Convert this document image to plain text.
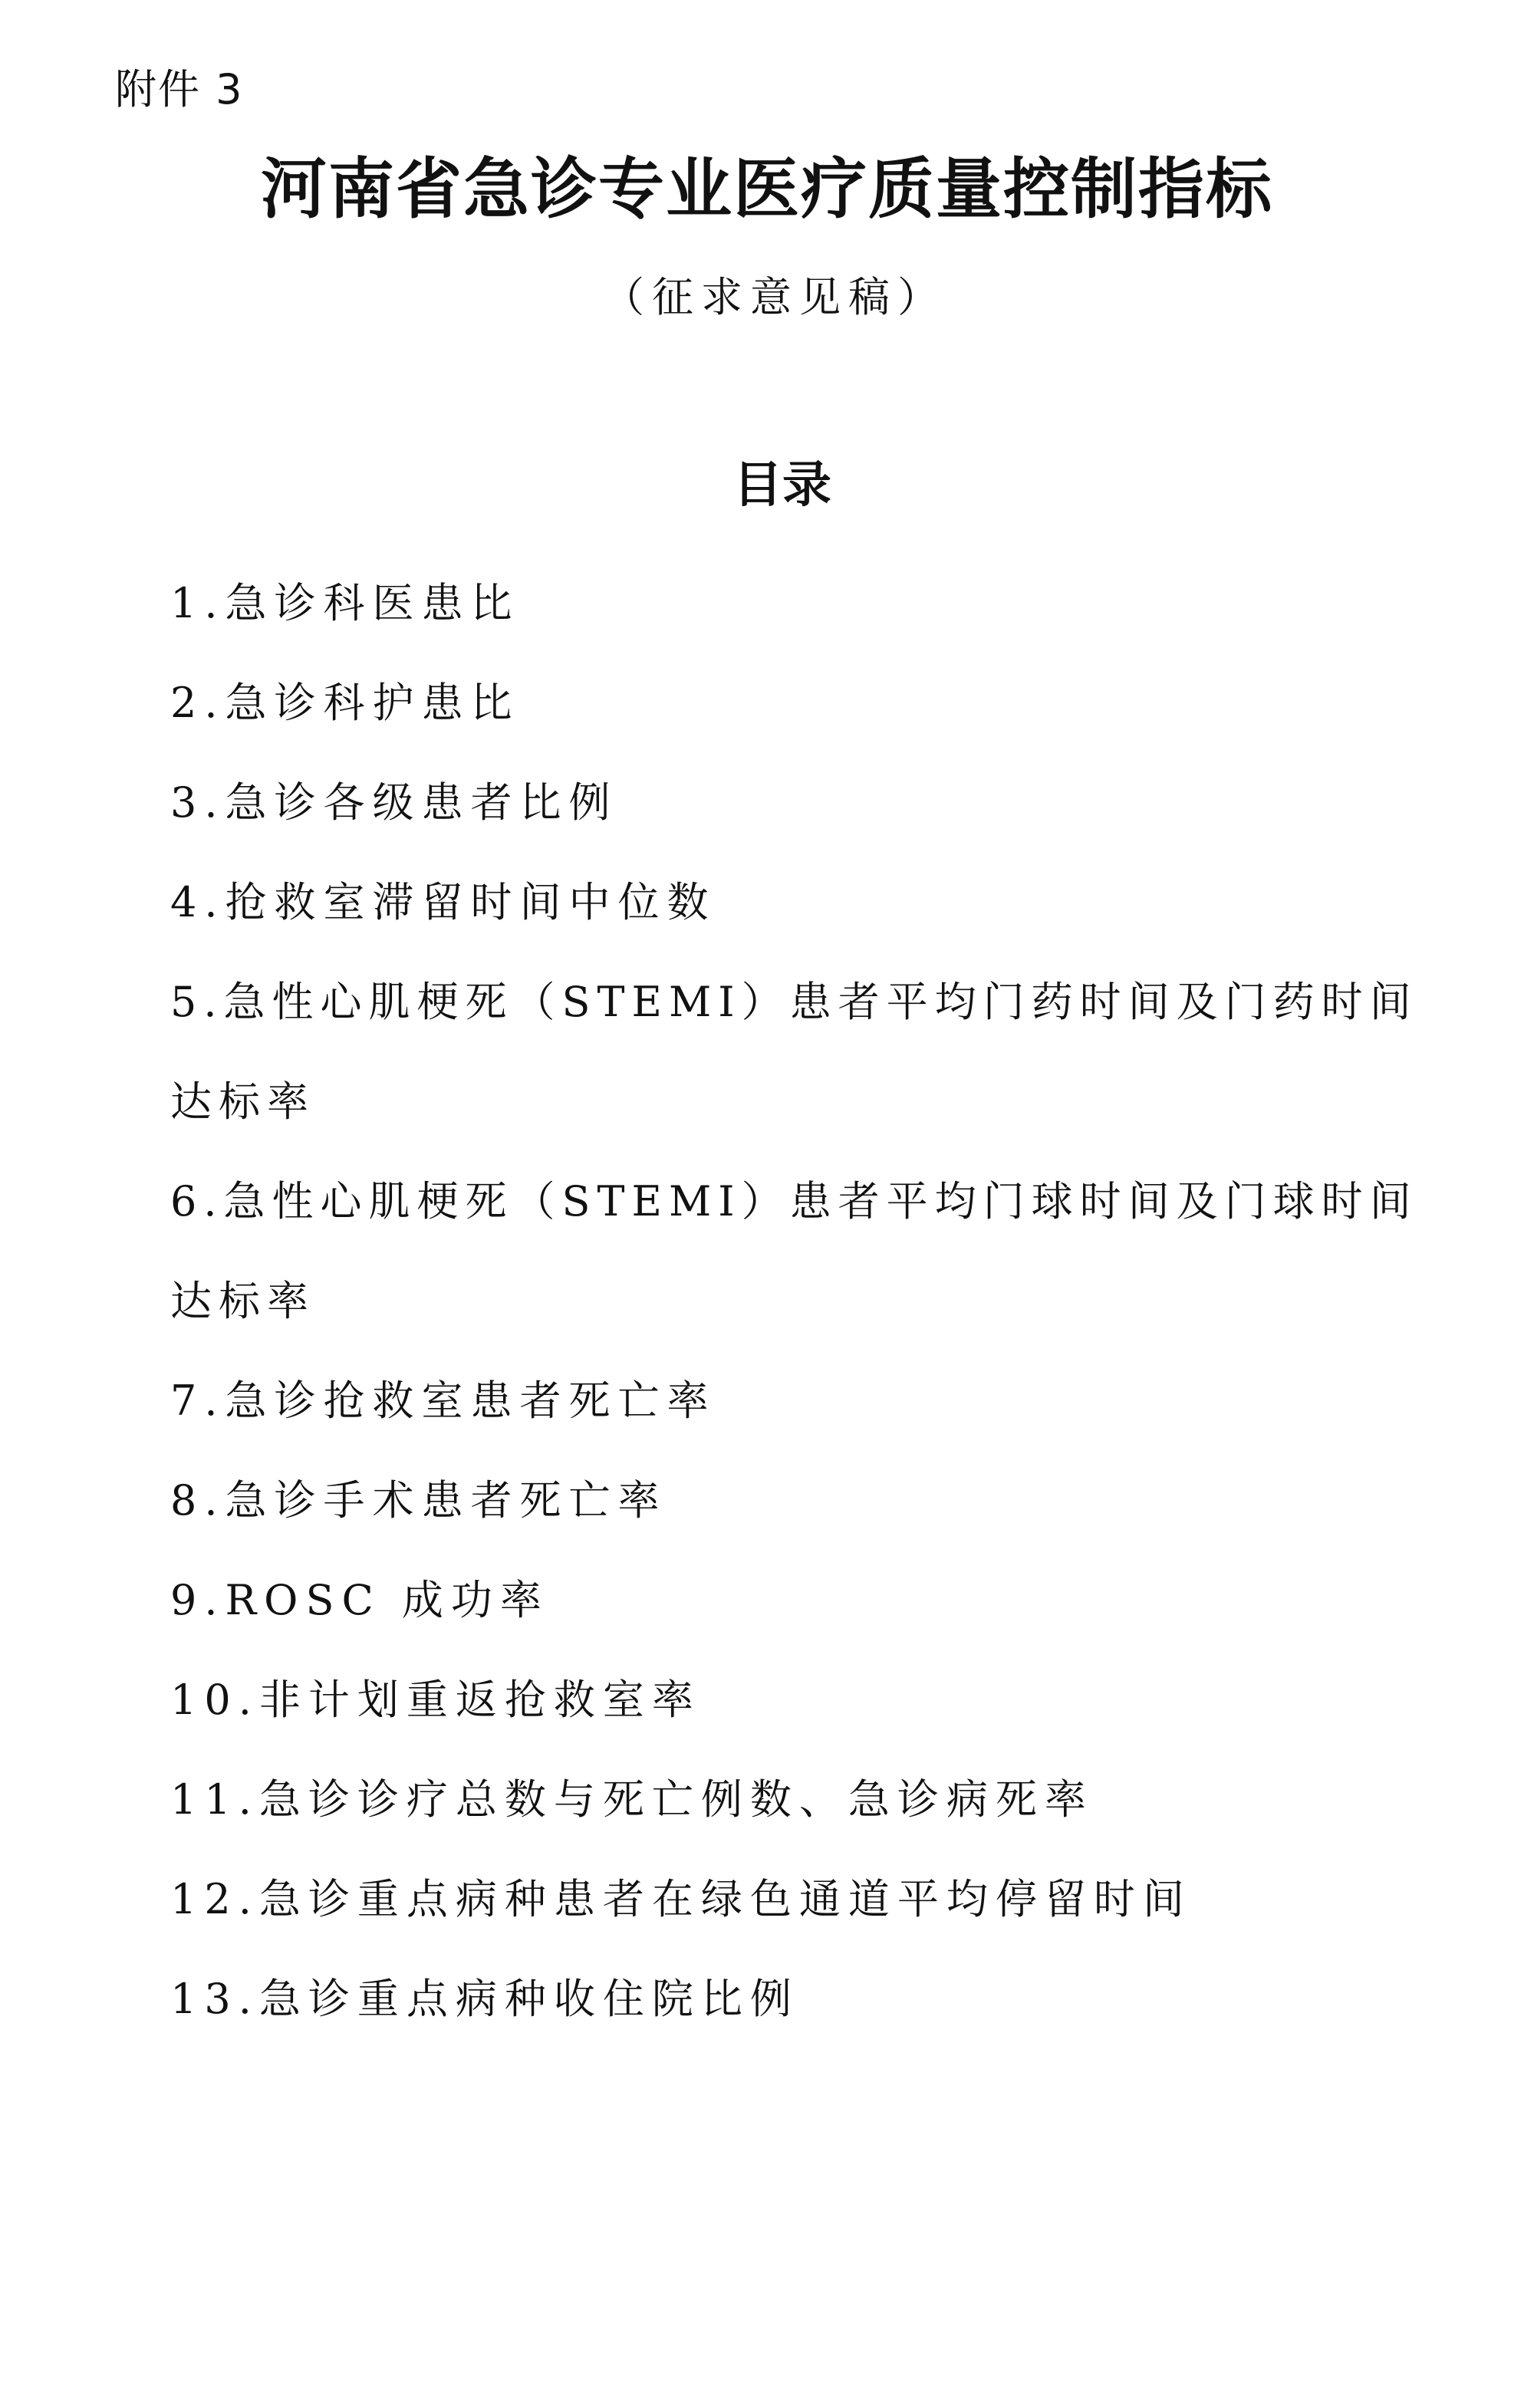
附件 3
河南省急诊专业医疗质量控制指标
（征求意见稿）
目录
1.急诊科医患比
2.急诊科护患比
3.急诊各级患者比例
4.抢救室滞留时间中位数
5.急性心肌梗死（STEMI）患者平均门药时间及门药时间达标率
6.急性心肌梗死（STEMI）患者平均门球时间及门球时间达标率
7.急诊抢救室患者死亡率
8.急诊手术患者死亡率
9.ROSC 成功率
10.非计划重返抢救室率
11.急诊诊疗总数与死亡例数、急诊病死率
12.急诊重点病种患者在绿色通道平均停留时间
13.急诊重点病种收住院比例
